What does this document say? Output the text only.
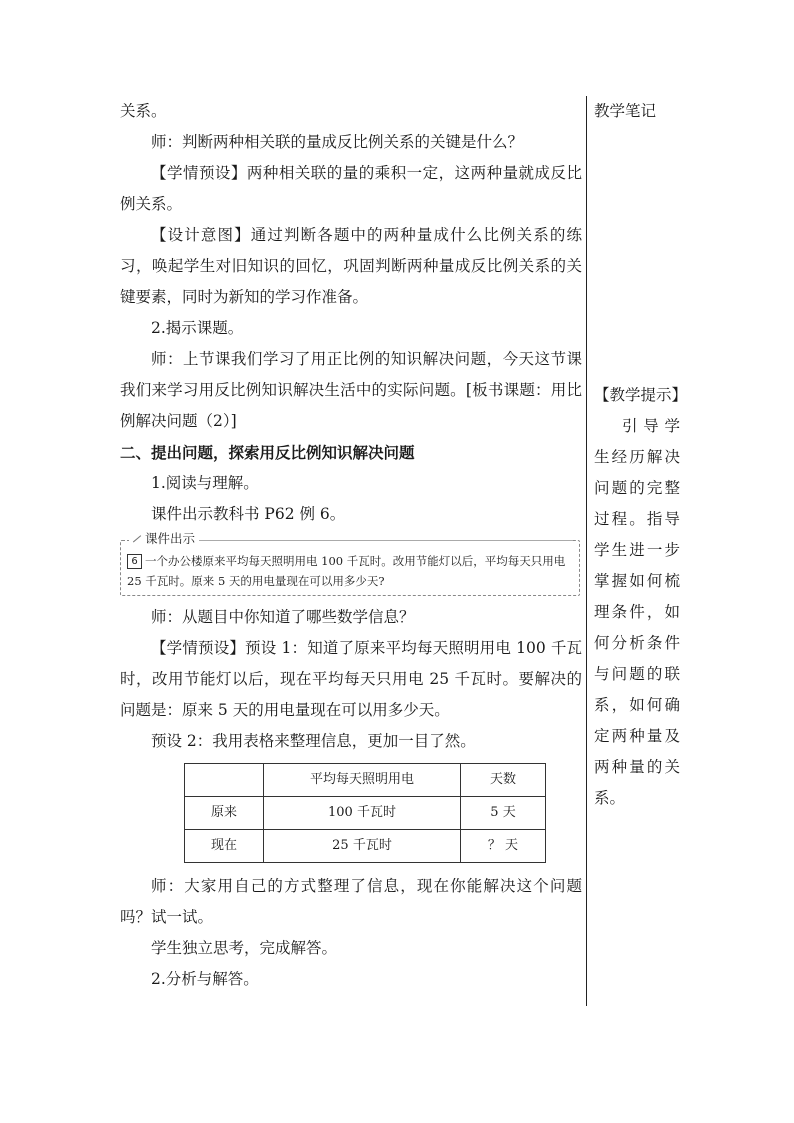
关系。

师：判断两种相关联的量成反比例关系的关键是什么？

【学情预设】两种相关联的量的乘积一定，这两种量就成反比例关系。

【设计意图】通过判断各题中的两种量成什么比例关系的练习，唤起学生对旧知识的回忆，巩固判断两种量成反比例关系的关键要素，同时为新知的学习作准备。

2.揭示课题。

师：上节课我们学习了用正比例的知识解决问题，今天这节课我们来学习用反比例知识解决生活中的实际问题。[板书课题：用比例解决问题（2）]

二、提出问题，探索用反比例知识解决问题

1.阅读与理解。

课件出示教科书 P62 例 6。

课件出示
6 一个办公楼原来平均每天照明用电 100 千瓦时。改用节能灯以后，平均每天只用电 25 千瓦时。原来 5 天的用电量现在可以用多少天?

师：从题目中你知道了哪些数学信息？

【学情预设】预设 1：知道了原来平均每天照明用电 100 千瓦时，改用节能灯以后，现在平均每天只用电 25 千瓦时。要解决的问题是：原来 5 天的用电量现在可以用多少天。

预设 2：我用表格来整理信息，更加一目了然。

	平均每天照明用电	天数
原来	100 千瓦时	5 天
现在	25 千瓦时	？ 天

师：大家用自己的方式整理了信息，现在你能解决这个问题吗？试一试。

学生独立思考，完成解答。

2.分析与解答。

教学笔记
【教学提示】
引导学生经历解决问题的完整过程。指导学生进一步掌握如何梳理条件，如何分析条件与问题的联系，如何确定两种量及两种量的关系。
